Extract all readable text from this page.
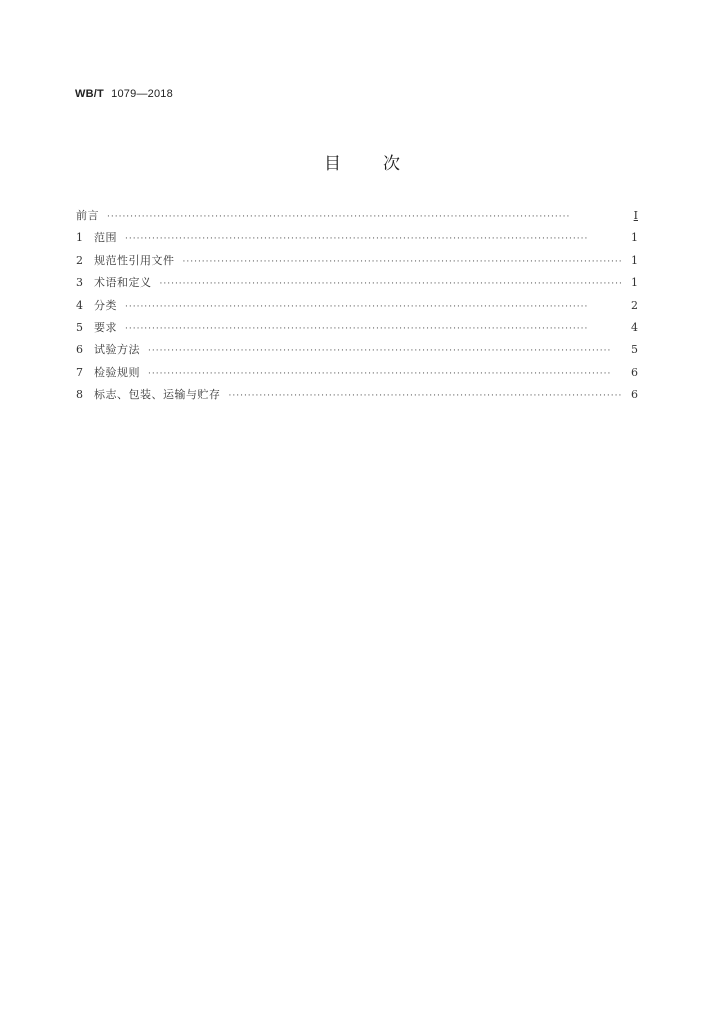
WB/T 1079—2018
目次
前言 ·····	Ⅰ
1	范围 ·····	1
2	规范性引用文件 ·····	1
3	术语和定义 ·····	1
4	分类 ·····	2
5	要求 ·····	4
6	试验方法 ·····	5
7	检验规则 ·····	6
8	标志、包装、运输与贮存 ·····	6
